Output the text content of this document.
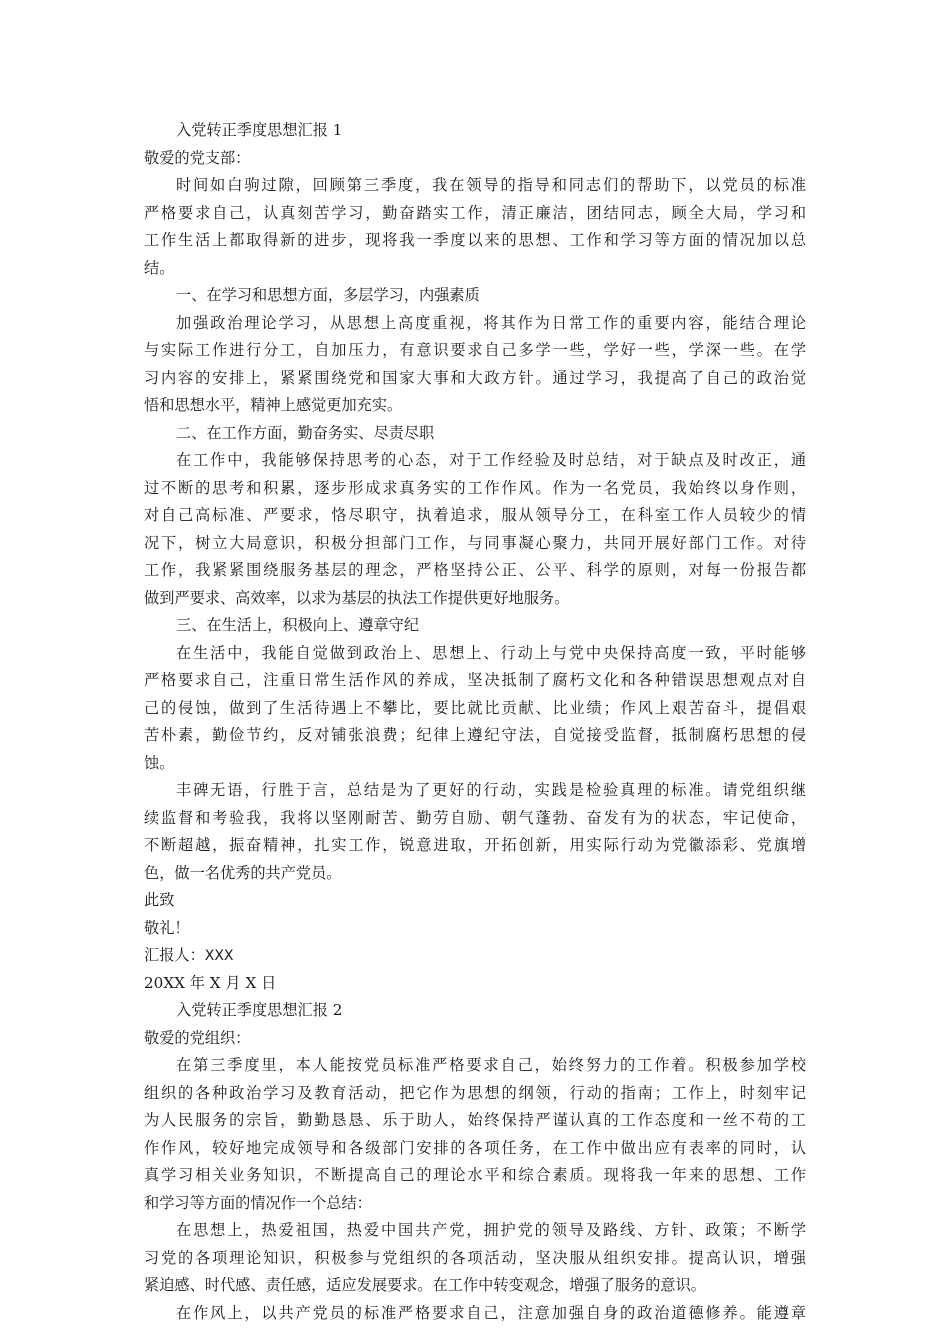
入党转正季度思想汇报 1
敬爱的党支部：
时间如白驹过隙，回顾第三季度，我在领导的指导和同志们的帮助下，以党员的标准
严格要求自己，认真刻苦学习，勤奋踏实工作，清正廉洁，团结同志，顾全大局，学习和
工作生活上都取得新的进步，现将我一季度以来的思想、工作和学习等方面的情况加以总
结。
一、在学习和思想方面，多层学习，内强素质
加强政治理论学习，从思想上高度重视，将其作为日常工作的重要内容，能结合理论
与实际工作进行分工，自加压力，有意识要求自己多学一些，学好一些，学深一些。在学
习内容的安排上，紧紧围绕党和国家大事和大政方针。通过学习，我提高了自己的政治觉
悟和思想水平，精神上感觉更加充实。
二、在工作方面，勤奋务实、尽责尽职
在工作中，我能够保持思考的心态，对于工作经验及时总结，对于缺点及时改正，通
过不断的思考和积累，逐步形成求真务实的工作作风。作为一名党员，我始终以身作则，
对自己高标准、严要求，恪尽职守，执着追求，服从领导分工，在科室工作人员较少的情
况下，树立大局意识，积极分担部门工作，与同事凝心聚力，共同开展好部门工作。对待
工作，我紧紧围绕服务基层的理念，严格坚持公正、公平、科学的原则，对每一份报告都
做到严要求、高效率，以求为基层的执法工作提供更好地服务。
三、在生活上，积极向上、遵章守纪
在生活中，我能自觉做到政治上、思想上、行动上与党中央保持高度一致，平时能够
严格要求自己，注重日常生活作风的养成，坚决抵制了腐朽文化和各种错误思想观点对自
己的侵蚀，做到了生活待遇上不攀比，要比就比贡献、比业绩；作风上艰苦奋斗，提倡艰
苦朴素，勤俭节约，反对铺张浪费；纪律上遵纪守法，自觉接受监督，抵制腐朽思想的侵
蚀。
丰碑无语，行胜于言，总结是为了更好的行动，实践是检验真理的标准。请党组织继
续监督和考验我，我将以坚刚耐苦、勤劳自励、朝气蓬勃、奋发有为的状态，牢记使命，
不断超越，振奋精神，扎实工作，锐意进取，开拓创新，用实际行动为党徽添彩、党旗增
色，做一名优秀的共产党员。
此致
敬礼！
汇报人：XXX
20XX 年 X 月 X 日
入党转正季度思想汇报 2
敬爱的党组织：
在第三季度里，本人能按党员标准严格要求自己，始终努力的工作着。积极参加学校
组织的各种政治学习及教育活动，把它作为思想的纲领，行动的指南；工作上，时刻牢记
为人民服务的宗旨，勤勤恳恳、乐于助人，始终保持严谨认真的工作态度和一丝不苟的工
作作风，较好地完成领导和各级部门安排的各项任务，在工作中做出应有表率的同时，认
真学习相关业务知识，不断提高自己的理论水平和综合素质。现将我一年来的思想、工作
和学习等方面的情况作一个总结：
在思想上，热爱祖国，热爱中国共产党，拥护党的领导及路线、方针、政策；不断学
习党的各项理论知识，积极参与党组织的各项活动，坚决服从组织安排。提高认识，增强
紧迫感、时代感、责任感，适应发展要求。在工作中转变观念，增强了服务的意识。
在作风上，以共产党员的标准严格要求自己，注意加强自身的政治道德修养。能遵章
